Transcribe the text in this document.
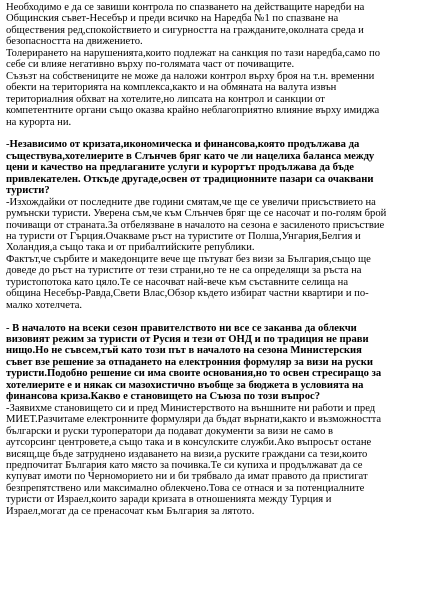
Необходимо е да се завиши контрола по спазването на действащите наредби на
Общинския съвет-Несебър и преди всичко на Наредба №1 по спазване на
обществения ред,спокойствието и сигурността на гражданите,околната среда и
безопасността на движението.

Толерирането на нарушенията,които подлежат на санкция по тази наредба,само по
себе си влияе негативно върху по-голямата част от почиващите.

Съзъзт на собствениците не може да наложи контрол върху броя на т.н. временни
обекти на територията на комплекса,както и на обмяната на валута извън
териториалния обхват на хотелите,но липсата на контрол и санкции от
компетентните органи също оказва крайно неблагоприятно влияние върху имиджа
на курорта ни.

-Независимо от кризата,икономическа и финансова,която продължава да
съществува,хотелиерите в Слънчев бряг като че ли нацелиха баланса между
цени и качество на предлаганите услуги и курортът продължава да бъде
привлекателен. Откъде другаде,освен от традиционните пазари са очаквани
туристи?

-Изхождайки от последните две години смятам,че ще се увеличи присъствието на
румънски туристи. Уверена съм,че към Слънчев бряг ще се насочат и по-голям брой
почиващи от страната.За отбелязване в началото на сезона е засиленото присъствие
на туристи от Гърция.Очакваме ръст на туристите от Полша,Унгария,Белгия и
Холандия,а също така и от прибалтийските републики.

Фактът,че сърбите и македонците вече ще пътуват без визи за България,също ще
доведе до ръст на туристите от тези страни,но те не са определящи за ръста на
туристопотока като цяло.Те се насочват най-вече към съставните селища на
община Несебър-Равда,Свети Влас,Обзор където избират частни квартири и по-
малко хотелчета.

- В началото на всеки сезон правителството ни все се заканва да облекчи
визовият режим за туристи от Русия и тези от ОНД и по традиция не прави
нищо.Но не съвсем,тъй като този път в началото на сезона Министерския
съвет взе решение за отпадането на електронния формуляр за визи на руски
туристи.Подобно решение си има своите основания,но то освен стресиращо за
хотелиерите е и някак си мазохистично въобще за бюджета в условията на
финансова криза.Какво е становището на Съюза по този въпрос?

-Заявихме становището си и пред Министерството на външните ни работи и пред
МИЕТ.Разчитаме електронните формуляри да бъдат върнати,както и възможността
български и руски туроператори да подават документи за визи не само в
аутсорсинг центровете,а също така и в консулските служби.Ако въпросът остане
висящ,ще бъде затруднено издаването на визи,а руските граждани са тези,които
предпочитат България като място за почивка.Те си купиха и продължават да се
купуват имоти по Черноморието ни и би трябвало да имат правото да пристигат
безпрепятствено или максимално облекчено.Това се отнася и за потенциалните
туристи от Израел,които заради кризата в отношенията между Турция и
Израел,могат да се пренасочат към България за лятото.
